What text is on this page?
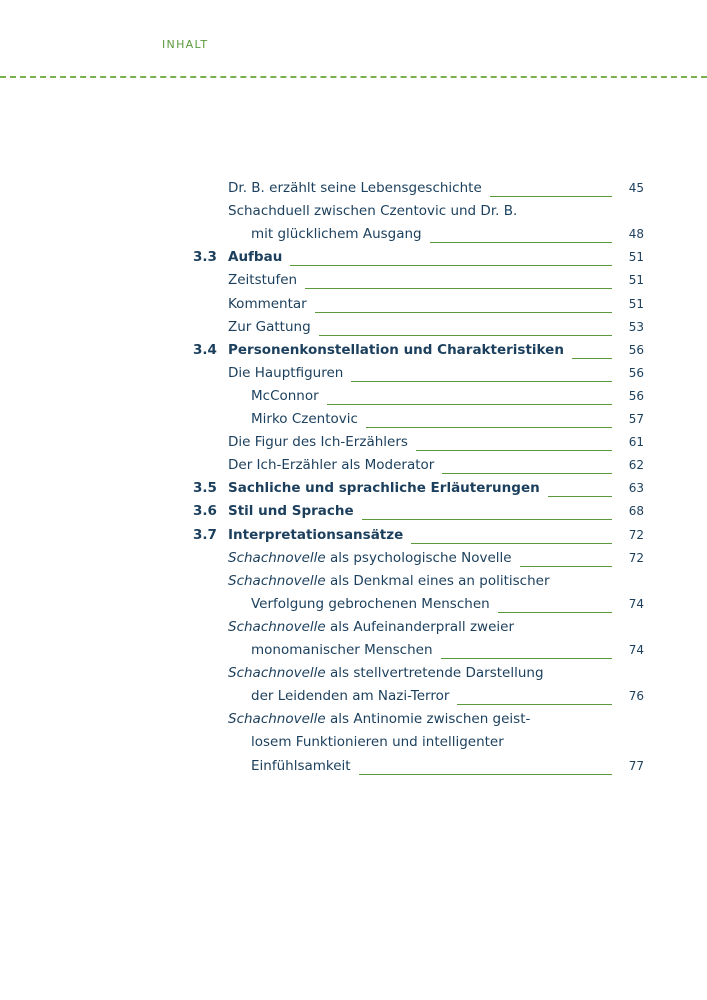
INHALT
Dr. B. erzählt seine Lebensgeschichte	45
Schachduell zwischen Czentovic und Dr. B.
mit glücklichem Ausgang	48
3.3 Aufbau	51
Zeitstufen	51
Kommentar	51
Zur Gattung	53
3.4 Personenkonstellation und Charakteristiken	56
Die Hauptfiguren	56
McConnor	56
Mirko Czentovic	57
Die Figur des Ich-Erzählers	61
Der Ich-Erzähler als Moderator	62
3.5 Sachliche und sprachliche Erläuterungen	63
3.6 Stil und Sprache	68
3.7 Interpretationsansätze	72
Schachnovelle als psychologische Novelle	72
Schachnovelle als Denkmal eines an politischer
Verfolgung gebrochenen Menschen	74
Schachnovelle als Aufeinanderprall zweier
monomanischer Menschen	74
Schachnovelle als stellvertretende Darstellung
der Leidenden am Nazi-Terror	76
Schachnovelle als Antinomie zwischen geist-
losem Funktionieren und intelligenter
Einfühlsamkeit	77
